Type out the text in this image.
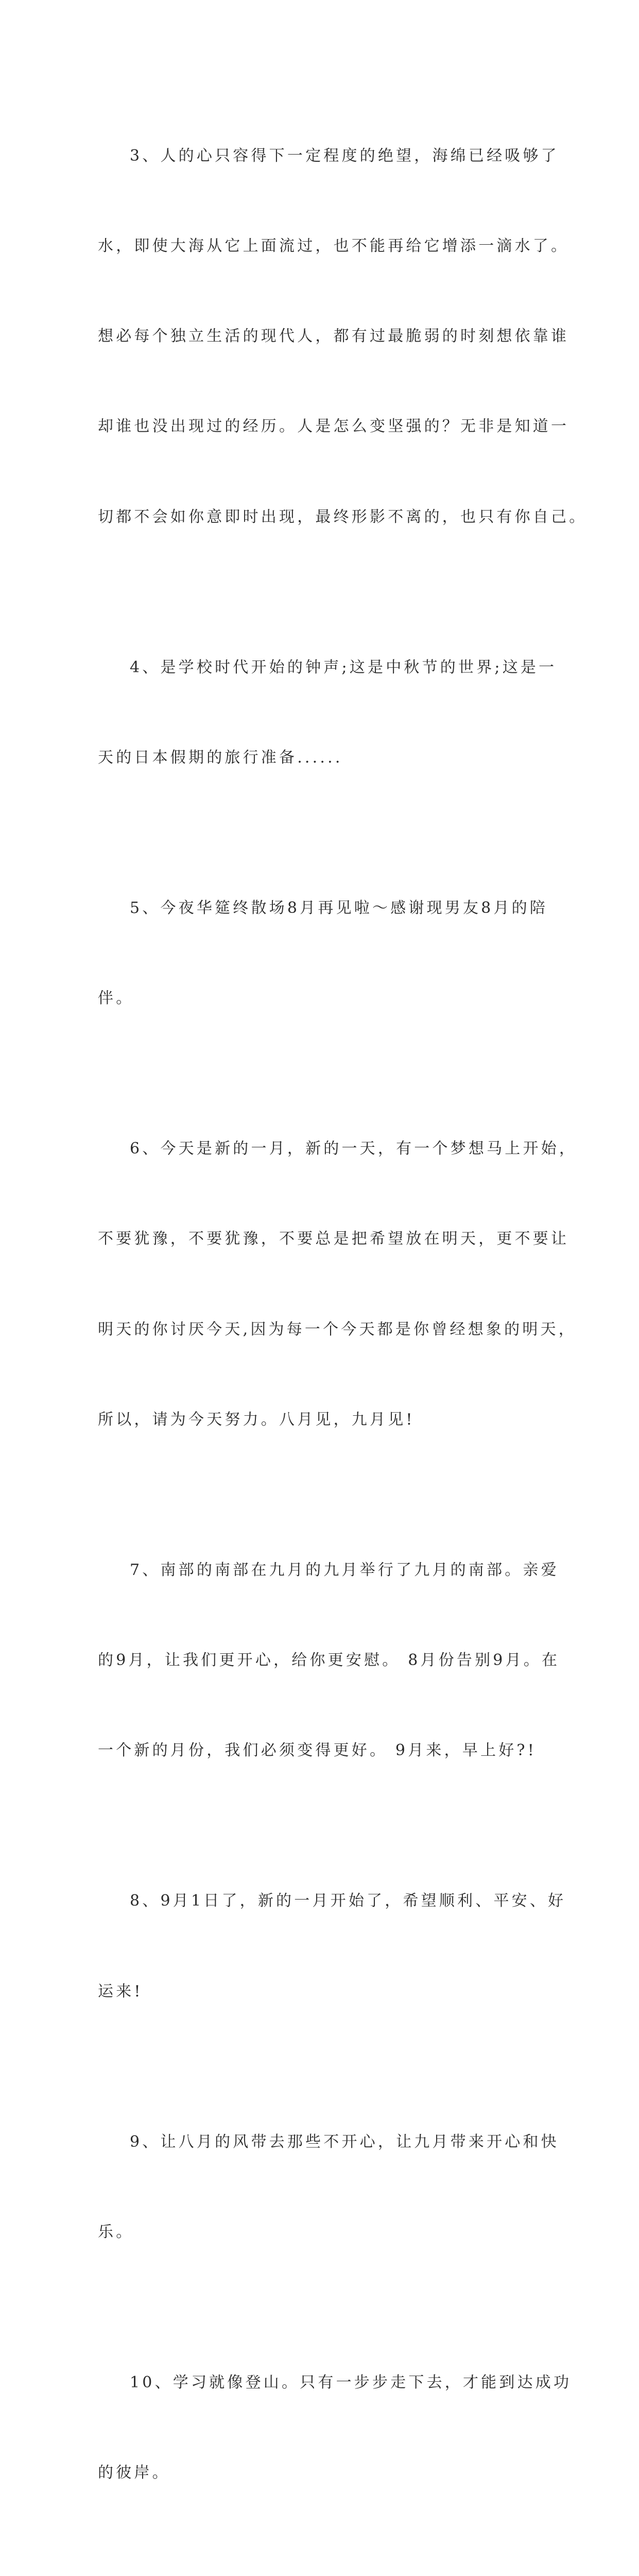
3、人的心只容得下一定程度的绝望，海绵已经吸够了

水，即使大海从它上面流过，也不能再给它增添一滴水了。

想必每个独立生活的现代人，都有过最脆弱的时刻想依靠谁

却谁也没出现过的经历。人是怎么变坚强的？无非是知道一

切都不会如你意即时出现，最终形影不离的，也只有你自己。

4、是学校时代开始的钟声;这是中秋节的世界;这是一

天的日本假期的旅行准备......

5、今夜华筵终散场8月再见啦～感谢现男友8月的陪

伴。

6、今天是新的一月，新的一天，有一个梦想马上开始，

不要犹豫，不要犹豫，不要总是把希望放在明天，更不要让

明天的你讨厌今天,因为每一个今天都是你曾经想象的明天，

所以，请为今天努力。八月见，九月见!

7、南部的南部在九月的九月举行了九月的南部。亲爱

的9月，让我们更开心，给你更安慰。 8月份告别9月。在

一个新的月份，我们必须变得更好。 9月来，早上好?!

8、9月1日了，新的一月开始了，希望顺利、平安、好

运来!

9、让八月的风带去那些不开心，让九月带来开心和快

乐。

10、学习就像登山。只有一步步走下去，才能到达成功

的彼岸。
